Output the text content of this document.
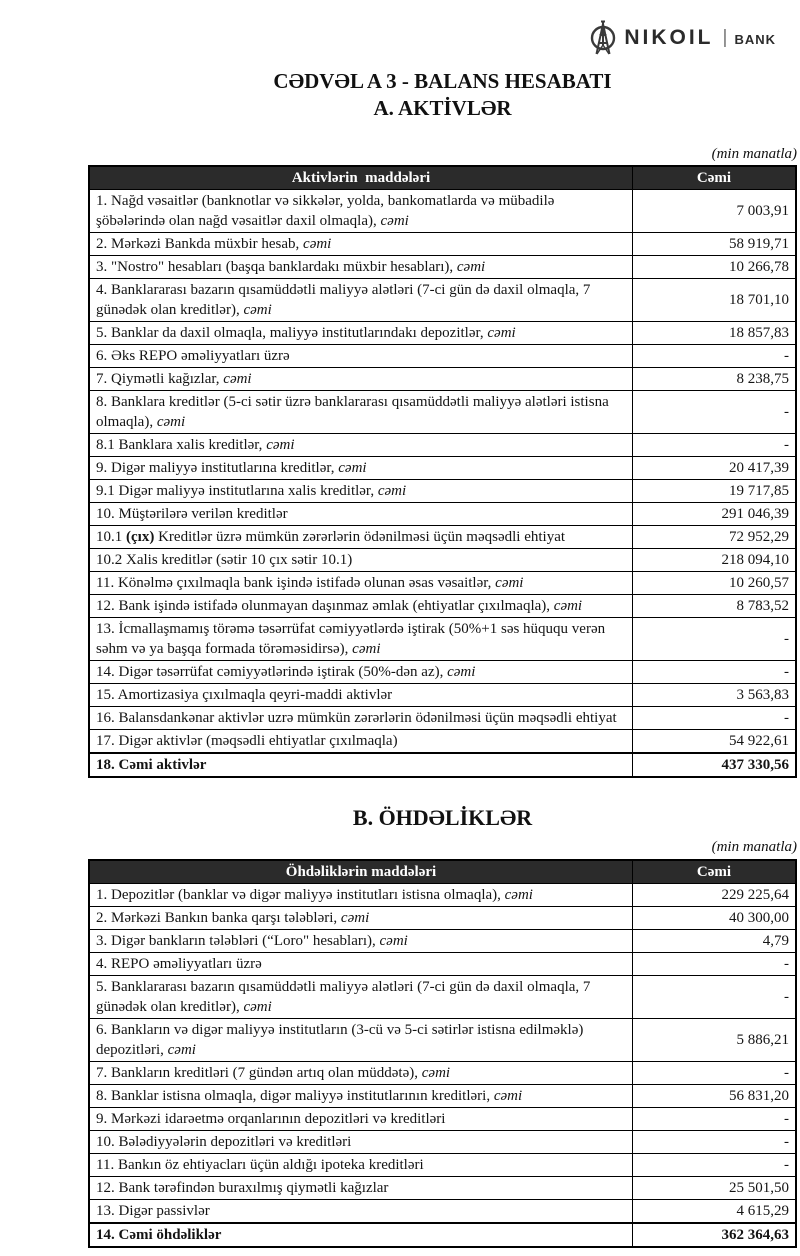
NIKOIL | BANK
CƏDVƏL A 3 - BALANS HESABATI
A. AKTİVLƏR
(min manatla)
Aktivlərin  maddələri	Cəmi
1. Nağd vəsaitlər (banknotlar və sikkələr, yolda, bankomatlarda və mübadilə şöbələrində olan nağd vəsaitlər daxil olmaqla), cəmi	7 003,91
2. Mərkəzi Bankda müxbir hesab, cəmi	58 919,71
3. "Nostro" hesabları (başqa banklardakı müxbir hesabları), cəmi	10 266,78
4. Banklararası bazarın qısamüddətli maliyyə alətləri (7-ci gün də daxil olmaqla, 7 günədək olan kreditlər), cəmi	18 701,10
5. Banklar da daxil olmaqla, maliyyə institutlarındakı depozitlər, cəmi	18 857,83
6. Əks REPO əməliyyatları üzrə	-
7. Qiymətli kağızlar, cəmi	8 238,75
8. Banklara kreditlər (5-ci sətir üzrə banklararası qısamüddətli maliyyə alətləri istisna olmaqla), cəmi	-
8.1 Banklara xalis kreditlər, cəmi	-
9. Digər maliyyə institutlarına kreditlər, cəmi	20 417,39
9.1 Digər maliyyə institutlarına xalis kreditlər, cəmi	19 717,85
10. Müştərilərə verilən kreditlər	291 046,39
10.1 (çıx) Kreditlər üzrə mümkün zərərlərin ödənilməsi üçün məqsədli ehtiyat	72 952,29
10.2 Xalis kreditlər (sətir 10 çıx sətir 10.1)	218 094,10
11. Könəlmə çıxılmaqla bank işində istifadə olunan əsas vəsaitlər, cəmi	10 260,57
12. Bank işində istifadə olunmayan daşınmaz əmlak (ehtiyatlar çıxılmaqla), cəmi	8 783,52
13. İcmallaşmamış törəmə təsərrüfat cəmiyyətlərdə iştirak (50%+1 səs hüququ verən səhm və ya başqa formada törəməsidirsə), cəmi	-
14. Digər təsərrüfat cəmiyyətlərində iştirak (50%-dən az), cəmi	-
15. Amortizasiya çıxılmaqla qeyri-maddi aktivlər	3 563,83
16. Balansdankənar aktivlər uzrə mümkün zərərlərin ödənilməsi üçün məqsədli ehtiyat	-
17. Digər aktivlər (məqsədli ehtiyatlar çıxılmaqla)	54 922,61
18. Cəmi aktivlər	437 330,56
B. ÖHDƏLİKLƏR
(min manatla)
Öhdəliklərin maddələri	Cəmi
1. Depozitlər (banklar və digər maliyyə institutları istisna olmaqla), cəmi	229 225,64
2. Mərkəzi Bankın banka qarşı tələbləri, cəmi	40 300,00
3. Digər bankların tələbləri (“Loro" hesabları), cəmi	4,79
4. REPO əməliyyatları üzrə	-
5. Banklararası bazarın qısamüddətli maliyyə alətləri (7-ci gün də daxil olmaqla, 7 günədək olan kreditlər), cəmi	-
6. Bankların və digər maliyyə institutların (3-cü və 5-ci sətirlər istisna edilməklə) depozitləri, cəmi	5 886,21
7. Bankların kreditləri (7 gündən artıq olan müddətə), cəmi	-
8. Banklar istisna olmaqla, digər maliyyə institutlarının kreditləri, cəmi	56 831,20
9. Mərkəzi idarəetmə orqanlarının depozitləri və kreditləri	-
10. Bələdiyyələrin depozitləri və kreditləri	-
11. Bankın öz ehtiyacları üçün aldığı ipoteka kreditləri	-
12. Bank tərəfindən buraxılmış qiymətli kağızlar	25 501,50
13. Digər passivlər	4 615,29
14. Cəmi öhdəliklər	362 364,63
